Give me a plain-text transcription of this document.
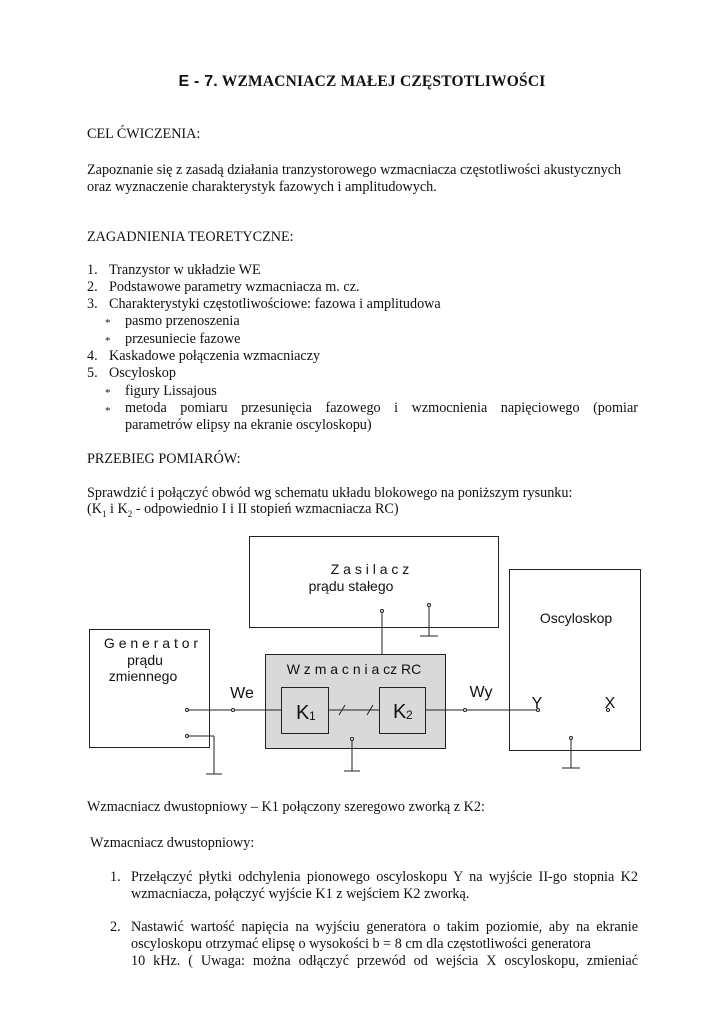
E - 7. WZMACNIACZ MAŁEJ CZĘSTOTLIWOŚCI
CEL ĆWICZENIA:
Zapoznanie się z zasadą działania tranzystorowego wzmacniacza częstotliwości akustycznych
oraz wyznaczenie charakterystyk fazowych i amplitudowych.
ZAGADNIENIA TEORETYCZNE:
1. Tranzystor w układzie WE
2. Podstawowe parametry wzmacniacza m. cz.
3. Charakterystyki częstotliwościowe: fazowa i amplitudowa
* pasmo przenoszenia
* przesuniecie fazowe
4. Kaskadowe połączenia wzmacniaczy
5. Oscyloskop
* figury Lissajous
* metoda pomiaru przesunięcia fazowego i wzmocnienia napięciowego (pomiar
parametrów elipsy na ekranie oscyloskopu)
PRZEBIEG POMIARÓW:
Sprawdzić i połączyć obwód wg schematu układu blokowego na poniższym rysunku:
($K_1$ i $K_2$ - odpowiednio I i II stopień wzmacniacza RC)
Z a s i l a c z
prądu stałego
Oscyloskop
G e n e r a t o r
prądu
zmiennego	W z m a c n i a cz RC
We	Wy
Y	X
K 1	K 2
Wzmacniacz dwustopniowy – K1 połączony szeregowo zworką z K2:
Wzmacniacz dwustopniowy:
1. Przełączyć płytki odchylenia pionowego oscyloskopu Y na wyjście II-go stopnia K2
wzmacniacza, połączyć wyjście K1 z wejściem K2 zworką.
2. Nastawić wartość napięcia na wyjściu generatora o takim poziomie, aby na ekranie
oscyloskopu otrzymać elipsę o wysokości b = 8 cm dla częstotliwości generatora
10 kHz. ( Uwaga: można odłączyć przewód od wejścia X oscyloskopu, zmieniać
